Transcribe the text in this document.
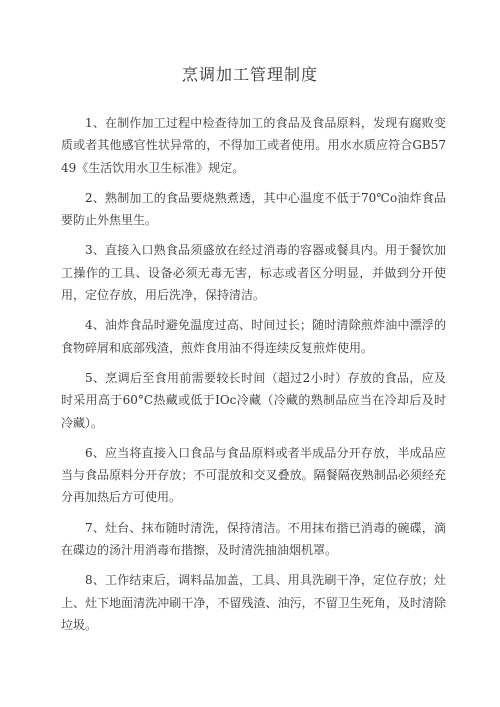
烹调加工管理制度

1、在制作加工过程中检查待加工的食品及食品原料，发现有腐败变质或者其他感官性状异常的，不得加工或者使用。用水水质应符合GB5749《生活饮用水卫生标准》规定。

2、熟制加工的食品要烧熟煮透，其中心温度不低于70℃o油炸食品要防止外焦里生。

3、直接入口熟食品须盛放在经过消毒的容器或餐具内。用于餐饮加工操作的工具、设备必须无毒无害，标志或者区分明显，并做到分开使用，定位存放，用后洗净，保持清洁。

4、油炸食品时避免温度过高、时间过长；随时清除煎炸油中漂浮的食物碎屑和底部残渣，煎炸食用油不得连续反复煎炸使用。

5、烹调后至食用前需要较长时间（超过2小时）存放的食品，应及时采用高于60°C热藏或低于IOc冷藏（冷藏的熟制品应当在冷却后及时冷藏）。

6、应当将直接入口食品与食品原料或者半成品分开存放，半成品应当与食品原料分开存放；不可混放和交叉叠放。隔餐隔夜熟制品必须经充分再加热后方可使用。

7、灶台、抹布随时清洗，保持清洁。不用抹布揩已消毒的碗碟，滴在碟边的汤汁用消毒布揩擦，及时清洗抽油烟机罩。

8、工作结束后，调料品加盖，工具、用具洗刷干净，定位存放；灶上、灶下地面清洗冲刷干净，不留残渣、油污，不留卫生死角，及时清除垃圾。
